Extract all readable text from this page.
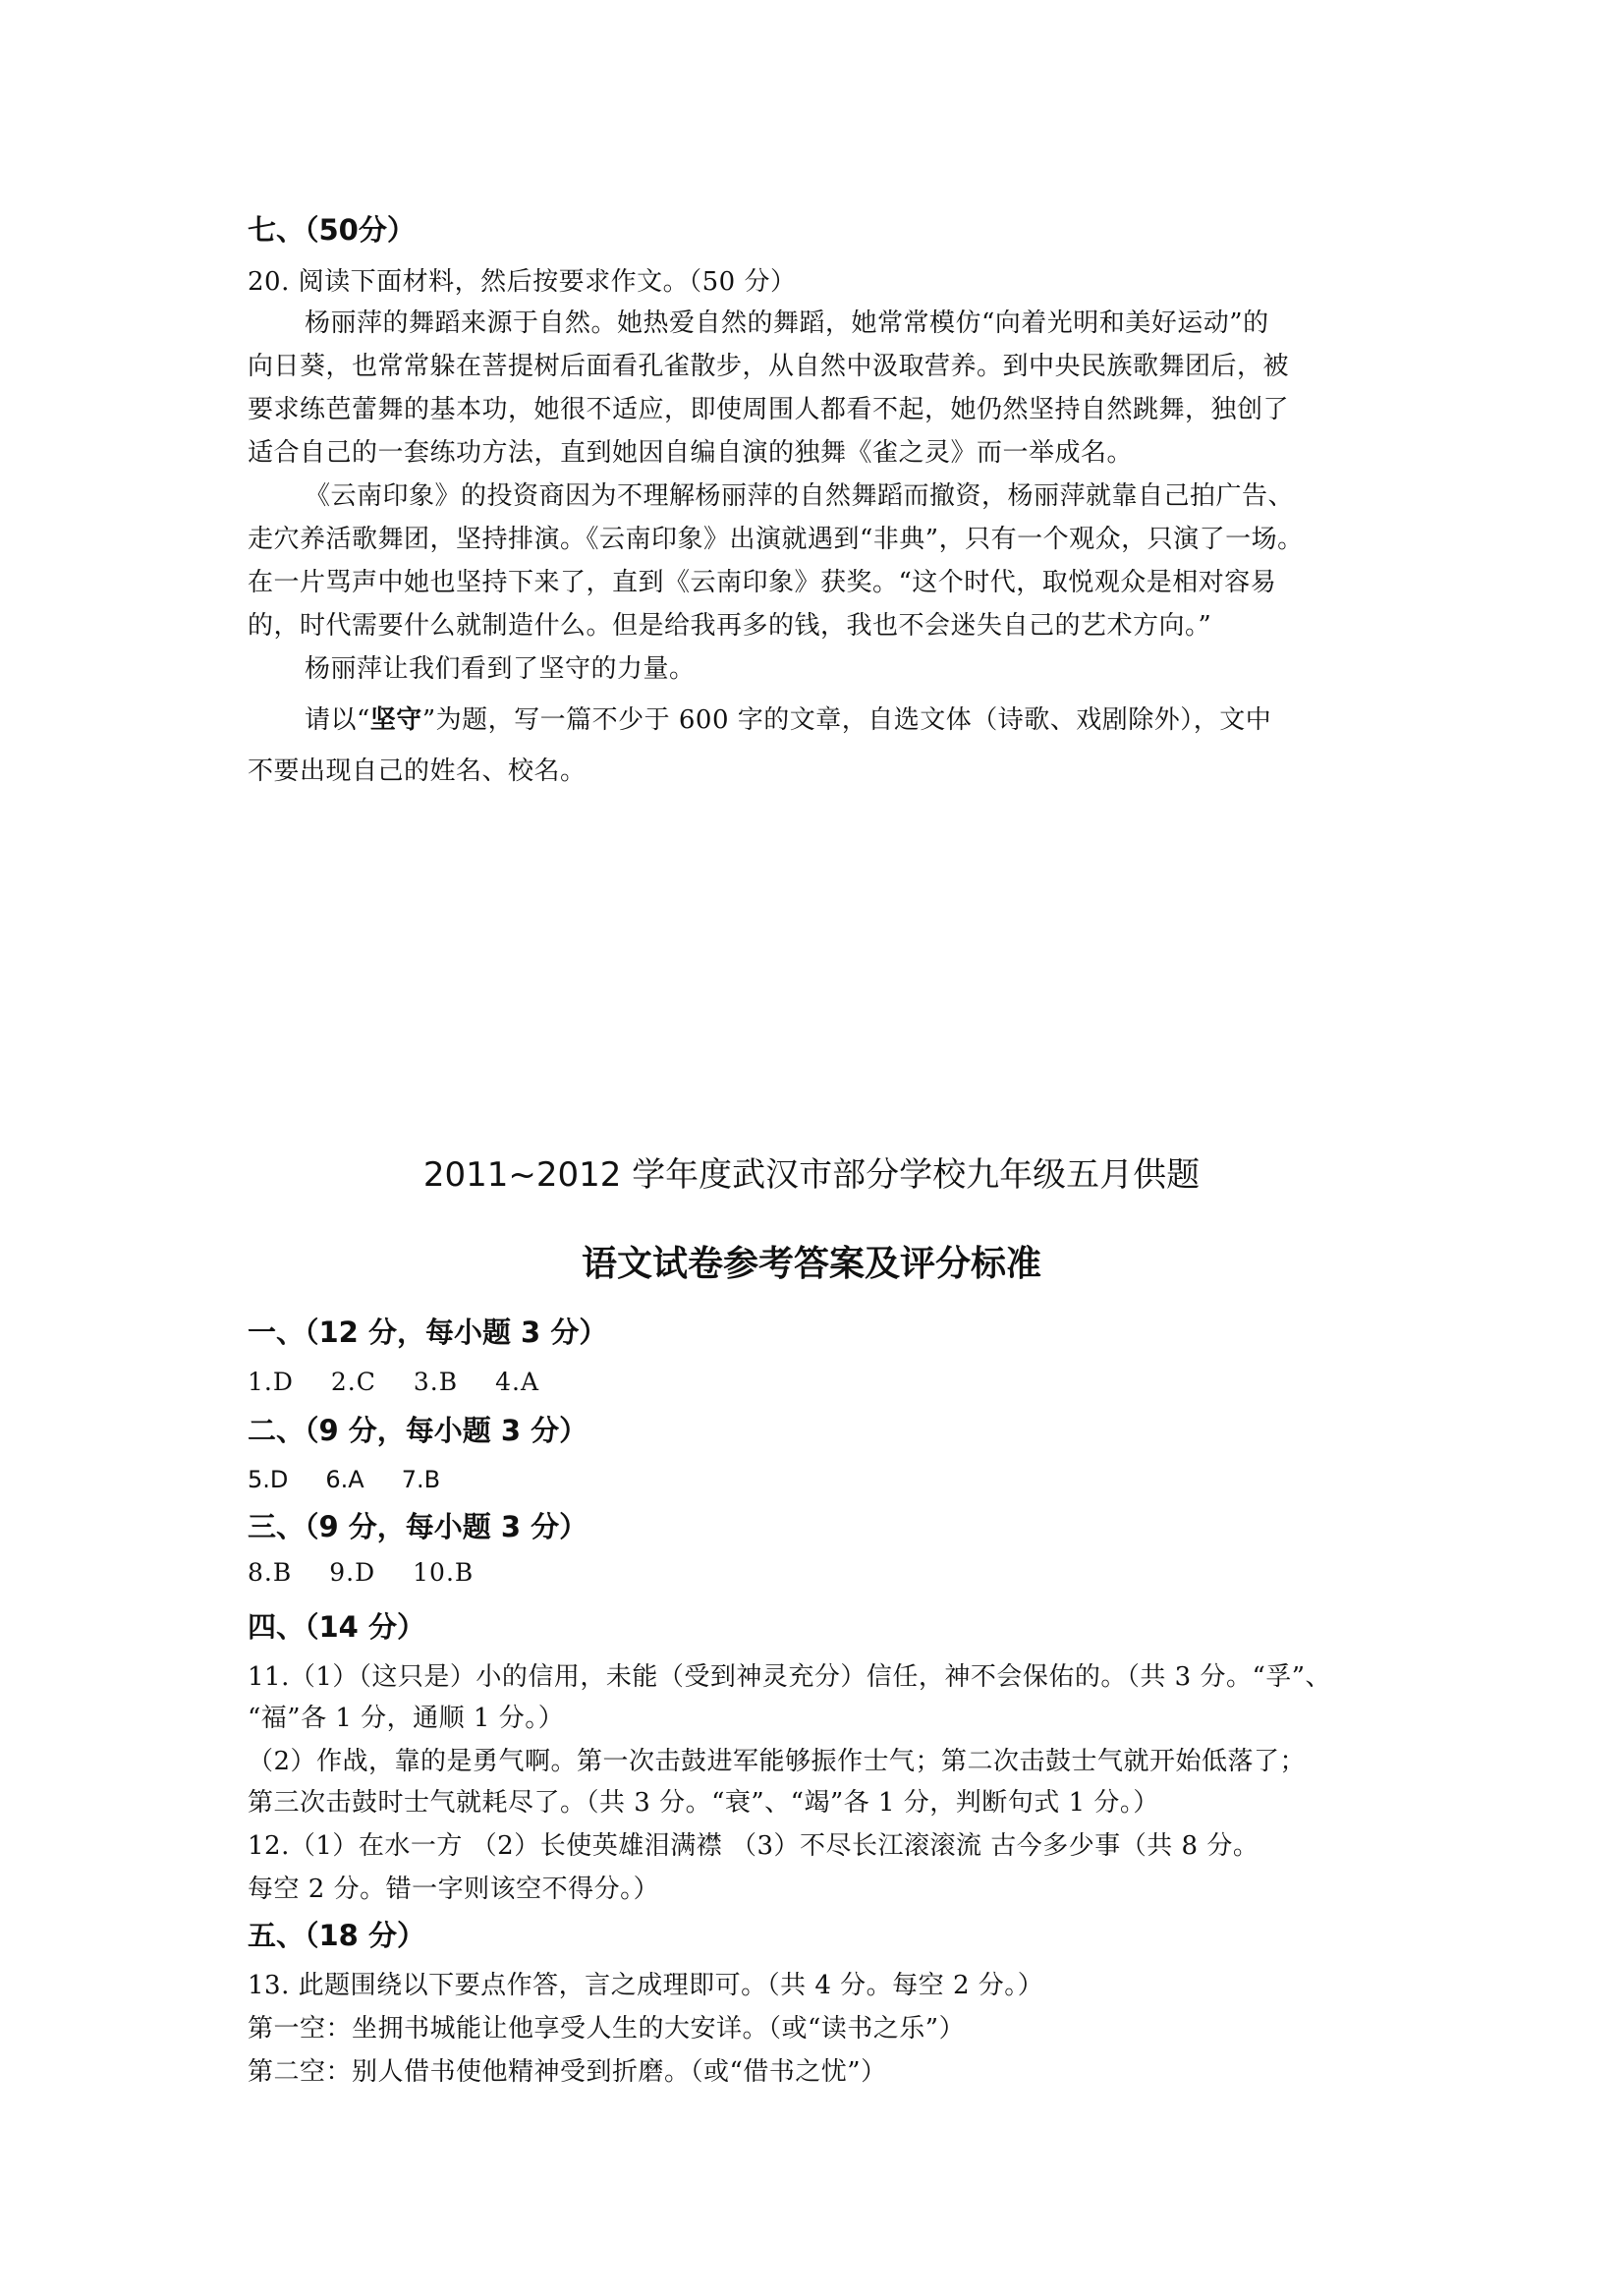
七、（50分）
20. 阅读下面材料，然后按要求作文。（50 分）
杨丽萍的舞蹈来源于自然。她热爱自然的舞蹈，她常常模仿“向着光明和美好运动”的
向日葵，也常常躲在菩提树后面看孔雀散步，从自然中汲取营养。到中央民族歌舞团后，被
要求练芭蕾舞的基本功，她很不适应，即使周围人都看不起，她仍然坚持自然跳舞，独创了
适合自己的一套练功方法，直到她因自编自演的独舞《雀之灵》而一举成名。
《云南印象》的投资商因为不理解杨丽萍的自然舞蹈而撤资，杨丽萍就靠自己拍广告、
走穴养活歌舞团，坚持排演。《云南印象》出演就遇到“非典”，只有一个观众，只演了一场。
在一片骂声中她也坚持下来了，直到《云南印象》获奖。“这个时代，取悦观众是相对容易
的，时代需要什么就制造什么。但是给我再多的钱，我也不会迷失自己的艺术方向。”
杨丽萍让我们看到了坚守的力量。
请以“坚守”为题，写一篇不少于 600 字的文章，自选文体（诗歌、戏剧除外），文中
不要出现自己的姓名、校名。
2011~2012 学年度武汉市部分学校九年级五月供题
语文试卷参考答案及评分标准
一、（12 分，每小题 3 分）
1.D 2.C 3.B 4.A
二、（9 分，每小题 3 分）
5.D 6.A 7.B
三、（9 分，每小题 3 分）
8.B 9.D 10.B
四、（14 分）
11.（1）（这只是）小的信用，未能（受到神灵充分）信任，神不会保佑的。（共 3 分。“孚”、
“福”各 1 分，通顺 1 分。）
（2）作战，靠的是勇气啊。第一次击鼓进军能够振作士气；第二次击鼓士气就开始低落了；
第三次击鼓时士气就耗尽了。（共 3 分。“衰”、“竭”各 1 分，判断句式 1 分。）
12.（1）在水一方 （2）长使英雄泪满襟 （3）不尽长江滚滚流 古今多少事（共 8 分。
每空 2 分。错一字则该空不得分。）
五、（18 分）
13. 此题围绕以下要点作答，言之成理即可。（共 4 分。每空 2 分。）
第一空：坐拥书城能让他享受人生的大安详。（或“读书之乐”）
第二空：别人借书使他精神受到折磨。（或“借书之忧”）
